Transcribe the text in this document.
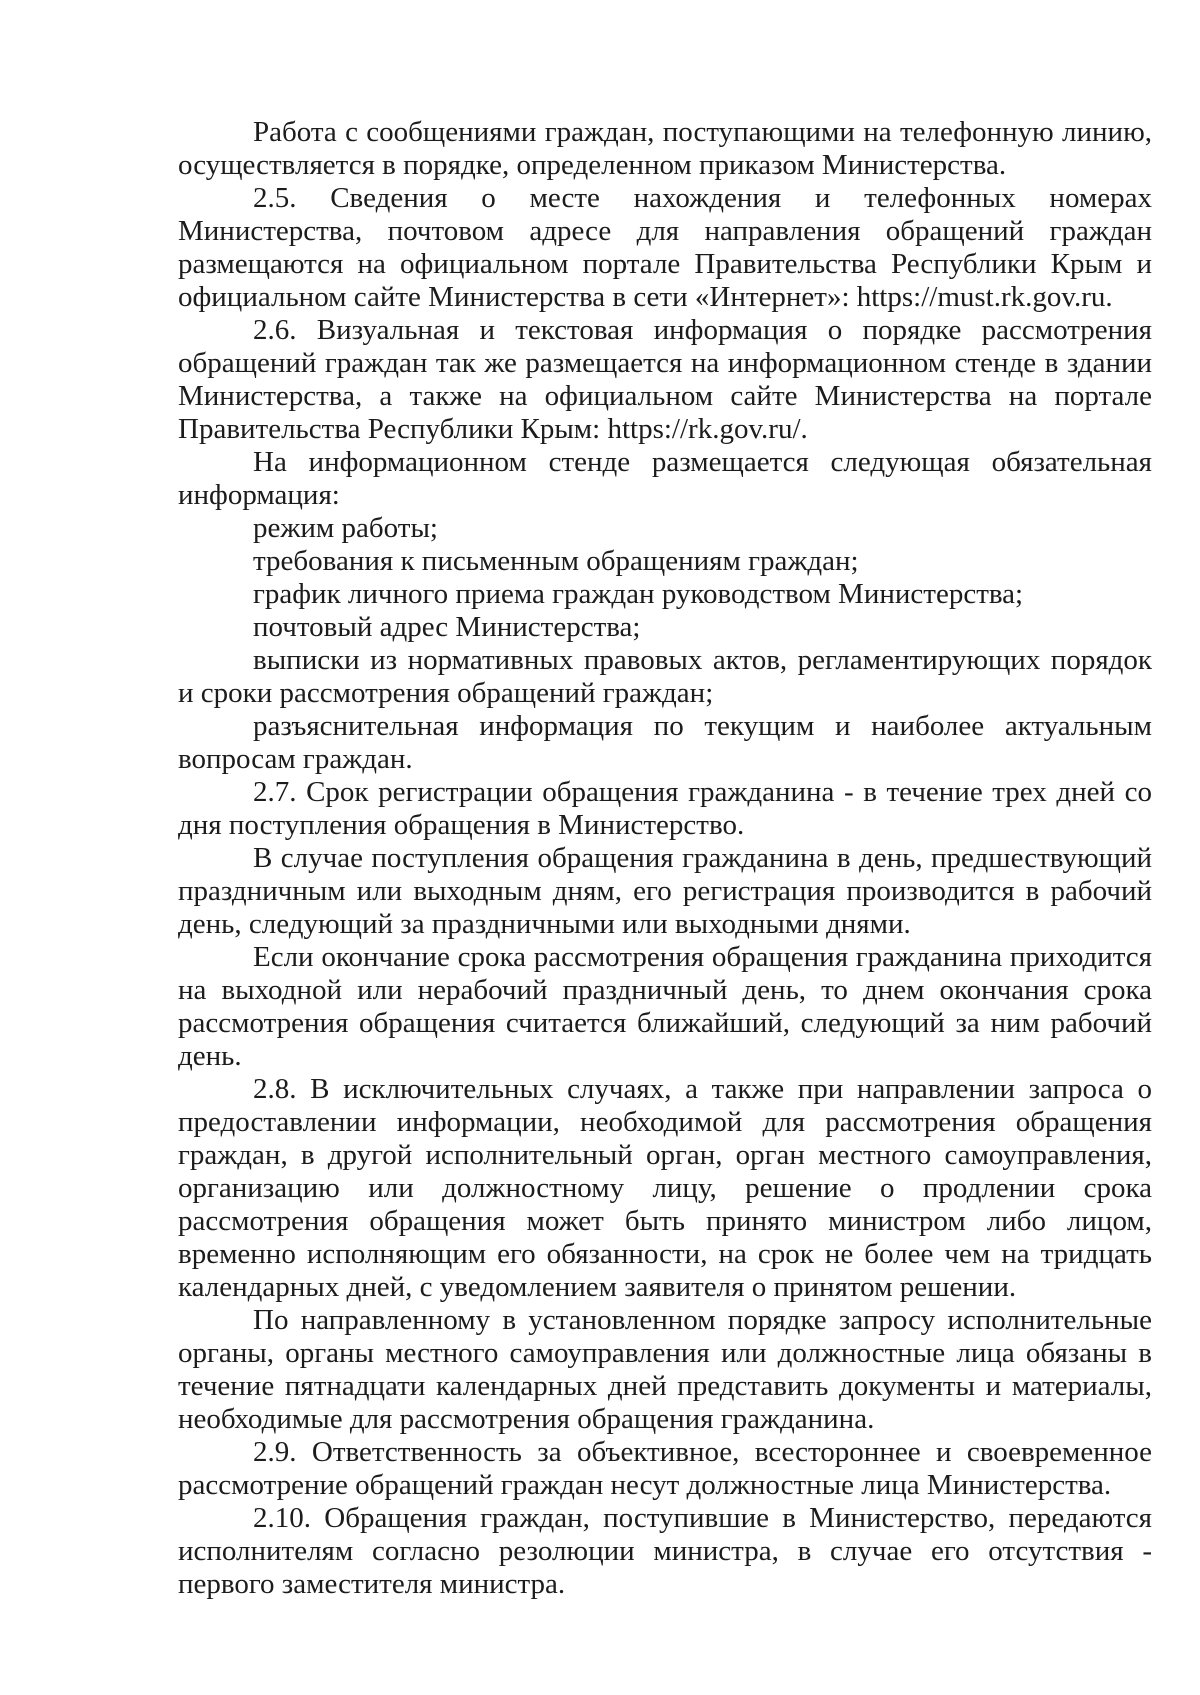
Работа с сообщениями граждан, поступающими на телефонную линию, осуществляется в порядке, определенном приказом Министерства.

2.5. Сведения о месте нахождения и телефонных номерах Министерства, почтовом адресе для направления обращений граждан размещаются на официальном портале Правительства Республики Крым и официальном сайте Министерства в сети «Интернет»: https://must.rk.gov.ru.

2.6. Визуальная и текстовая информация о порядке рассмотрения обращений граждан так же размещается на информационном стенде в здании Министерства, а также на официальном сайте Министерства на портале Правительства Республики Крым: https://rk.gov.ru/.

На информационном стенде размещается следующая обязательная информация:

режим работы;

требования к письменным обращениям граждан;

график личного приема граждан руководством Министерства;

почтовый адрес Министерства;

выписки из нормативных правовых актов, регламентирующих порядок и сроки рассмотрения обращений граждан;

разъяснительная информация по текущим и наиболее актуальным вопросам граждан.

2.7. Срок регистрации обращения гражданина - в течение трех дней со дня поступления обращения в Министерство.

В случае поступления обращения гражданина в день, предшествующий праздничным или выходным дням, его регистрация производится в рабочий день, следующий за праздничными или выходными днями.

Если окончание срока рассмотрения обращения гражданина приходится на выходной или нерабочий праздничный день, то днем окончания срока рассмотрения обращения считается ближайший, следующий за ним рабочий день.

2.8. В исключительных случаях, а также при направлении запроса о предоставлении информации, необходимой для рассмотрения обращения граждан, в другой исполнительный орган, орган местного самоуправления, организацию или должностному лицу, решение о продлении срока рассмотрения обращения может быть принято министром либо лицом, временно исполняющим его обязанности, на срок не более чем на тридцать календарных дней, с уведомлением заявителя о принятом решении.

По направленному в установленном порядке запросу исполнительные органы, органы местного самоуправления или должностные лица обязаны в течение пятнадцати календарных дней представить документы и материалы, необходимые для рассмотрения обращения гражданина.

2.9. Ответственность за объективное, всестороннее и своевременное рассмотрение обращений граждан несут должностные лица Министерства.

2.10. Обращения граждан, поступившие в Министерство, передаются исполнителям согласно резолюции министра, в случае его отсутствия - первого заместителя министра.
